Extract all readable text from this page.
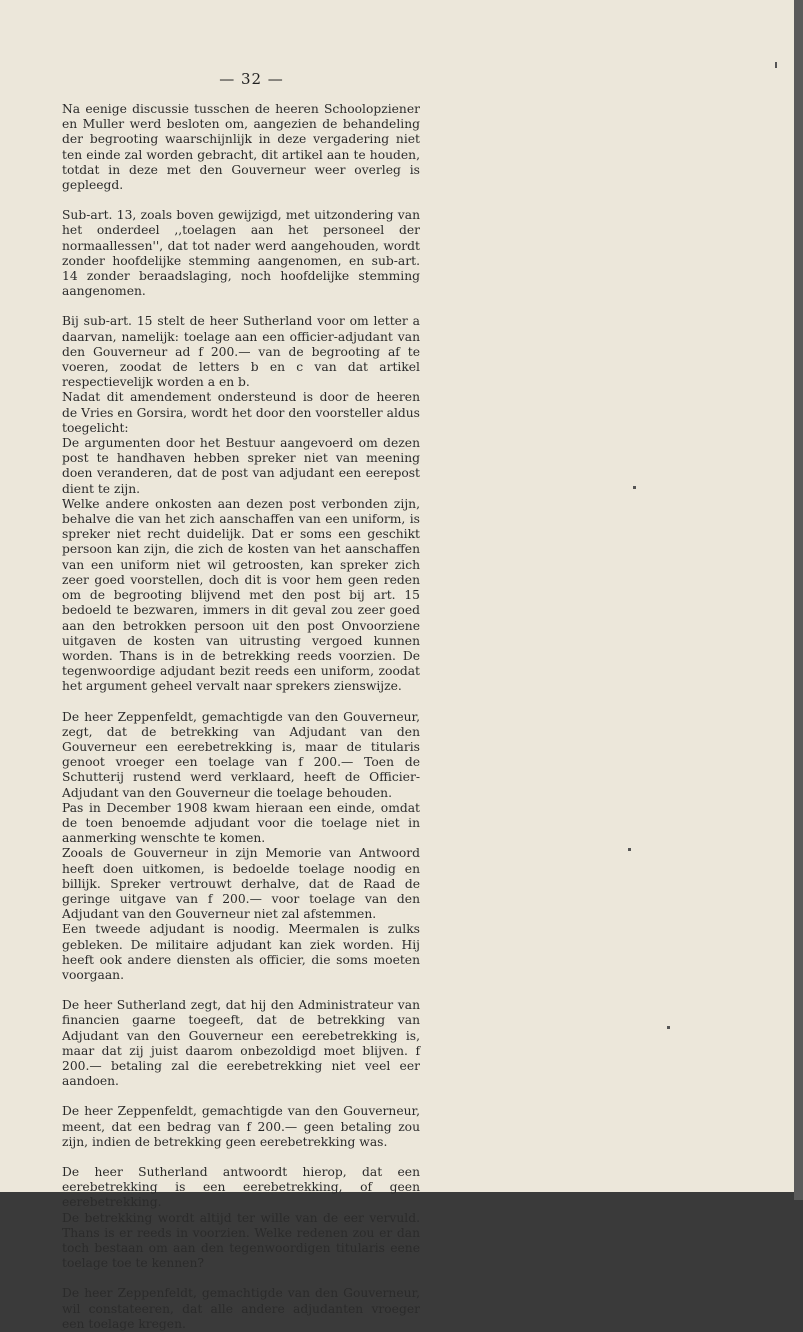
— 32 —

Na eenige discussie tusschen de heeren Schoolopziener en Muller werd besloten om, aangezien de behandeling der begrooting waarschijnlijk in deze vergadering niet ten einde zal worden gebracht, dit artikel aan te houden, totdat in deze met den Gouverneur weer overleg is gepleegd.

Sub-art. 13, zoals boven gewijzigd, met uitzondering van het onderdeel ,,toelagen aan het personeel der normaallessen'', dat tot nader werd aangehouden, wordt zonder hoofdelijke stemming aangenomen, en sub-art. 14 zonder beraadslaging, noch hoofdelijke stemming aangenomen.

Bij sub-art. 15 stelt de heer Sutherland voor om letter a daarvan, namelijk: toelage aan een officier-adjudant van den Gouverneur ad f 200.— van de begrooting af te voeren, zoodat de letters b en c van dat artikel respectievelijk worden a en b.

Nadat dit amendement ondersteund is door de heeren de Vries en Gorsira, wordt het door den voorsteller aldus toegelicht:

De argumenten door het Bestuur aangevoerd om dezen post te handhaven hebben spreker niet van meening doen veranderen, dat de post van adjudant een eerepost dient te zijn.

Welke andere onkosten aan dezen post verbonden zijn, behalve die van het zich aanschaffen van een uniform, is spreker niet recht duidelijk. Dat er soms een geschikt persoon kan zijn, die zich de kosten van het aanschaffen van een uniform niet wil getroosten, kan spreker zich zeer goed voorstellen, doch dit is voor hem geen reden om de begrooting blijvend met den post bij art. 15 bedoeld te bezwaren, immers in dit geval zou zeer goed aan den betrokken persoon uit den post Onvoorziene uitgaven de kosten van uitrusting vergoed kunnen worden. Thans is in de betrekking reeds voorzien. De tegenwoordige adjudant bezit reeds een uniform, zoodat het argument geheel vervalt naar sprekers zienswijze.

De heer Zeppenfeldt, gemachtigde van den Gouverneur, zegt, dat de betrekking van Adjudant van den Gouverneur een eerebetrekking is, maar de titularis genoot vroeger een toelage van f 200.— Toen de Schutterij rustend werd verklaard, heeft de Officier-Adjudant van den Gouverneur die toelage behouden.

Pas in December 1908 kwam hieraan een einde, omdat de toen benoemde adjudant voor die toelage niet in aanmerking wenschte te komen.

Zooals de Gouverneur in zijn Memorie van Antwoord heeft doen uitkomen, is bedoelde toelage noodig en billijk. Spreker vertrouwt derhalve, dat de Raad de geringe uitgave van f 200.— voor toelage van den Adjudant van den Gouverneur niet zal afstemmen.

Een tweede adjudant is noodig. Meermalen is zulks gebleken. De militaire adjudant kan ziek worden. Hij heeft ook andere diensten als officier, die soms moeten voorgaan.

De heer Sutherland zegt, dat hij den Administrateur van financien gaarne toegeeft, dat de betrekking van Adjudant van den Gouverneur een eerebetrekking is, maar dat zij juist daarom onbezoldigd moet blijven. f 200.— betaling zal die eerebetrekking niet veel eer aandoen.

De heer Zeppenfeldt, gemachtigde van den Gouverneur, meent, dat een bedrag van f 200.— geen betaling zou zijn, indien de betrekking geen eerebetrekking was.

De heer Sutherland antwoordt hierop, dat een eerebetrekking is een eerebetrekking, of geen eerebetrekking.

De betrekking wordt altijd ter wille van de eer vervuld. Thans is er reeds in voorzien. Welke redenen zou er dan toch bestaan om aan den tegenwoordigen titularis eene toelage toe te kennen?

De heer Zeppenfeldt, gemachtigde van den Gouverneur, wil constateeren, dat alle andere adjudanten vroeger een toelage kregen.
